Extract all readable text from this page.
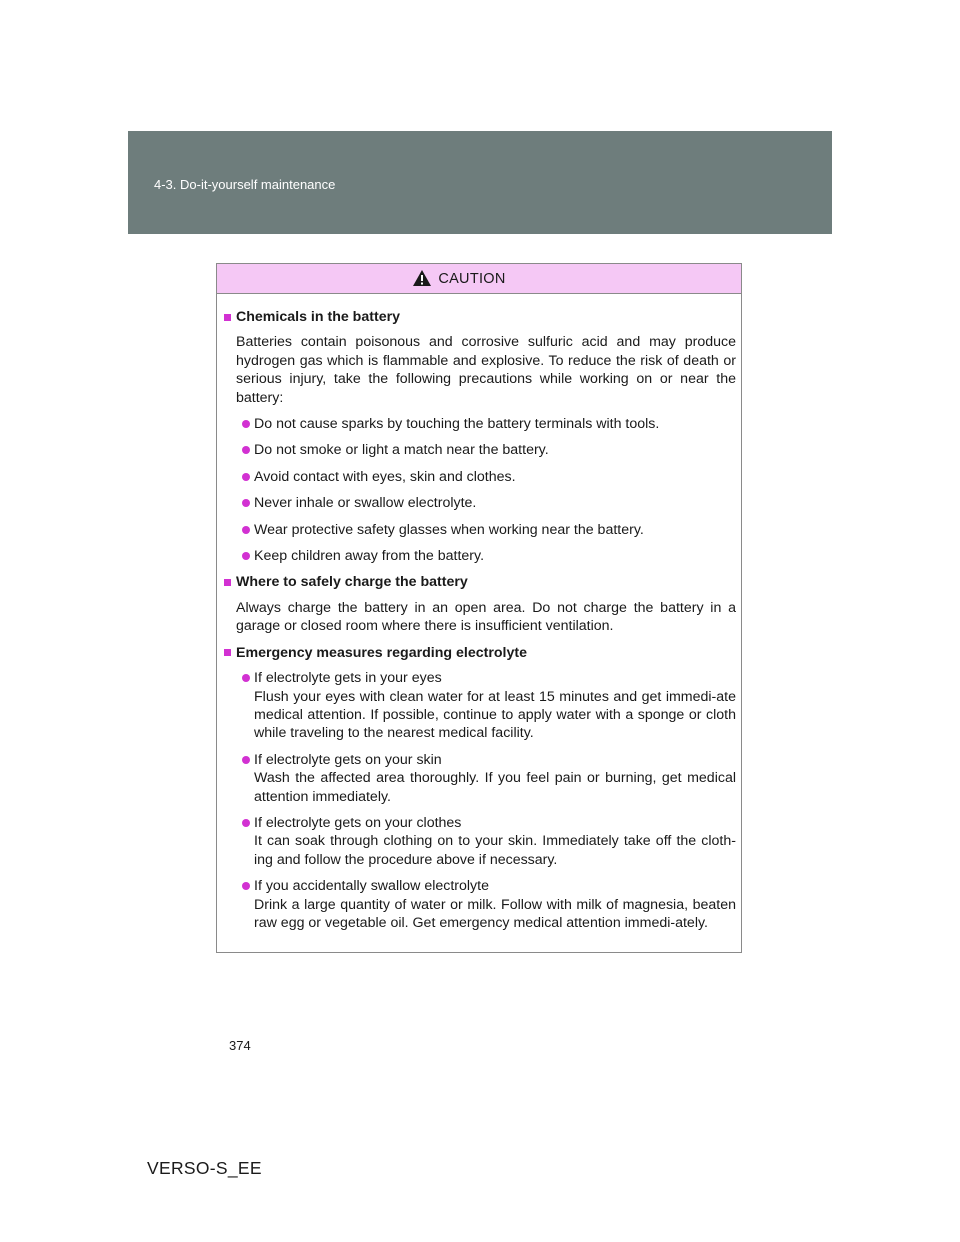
4-3. Do-it-yourself maintenance
CAUTION
Chemicals in the battery
Batteries contain poisonous and corrosive sulfuric acid and may produce hydrogen gas which is flammable and explosive. To reduce the risk of death or serious injury, take the following precautions while working on or near the battery:
Do not cause sparks by touching the battery terminals with tools.
Do not smoke or light a match near the battery.
Avoid contact with eyes, skin and clothes.
Never inhale or swallow electrolyte.
Wear protective safety glasses when working near the battery.
Keep children away from the battery.
Where to safely charge the battery
Always charge the battery in an open area. Do not charge the battery in a garage or closed room where there is insufficient ventilation.
Emergency measures regarding electrolyte
If electrolyte gets in your eyes
Flush your eyes with clean water for at least 15 minutes and get immedi-ate medical attention. If possible, continue to apply water with a sponge or cloth while traveling to the nearest medical facility.
If electrolyte gets on your skin
Wash the affected area thoroughly. If you feel pain or burning, get medical attention immediately.
If electrolyte gets on your clothes
It can soak through clothing on to your skin. Immediately take off the cloth-ing and follow the procedure above if necessary.
If you accidentally swallow electrolyte
Drink a large quantity of water or milk. Follow with milk of magnesia, beaten raw egg or vegetable oil. Get emergency medical attention immedi-ately.
374
VERSO-S_EE
